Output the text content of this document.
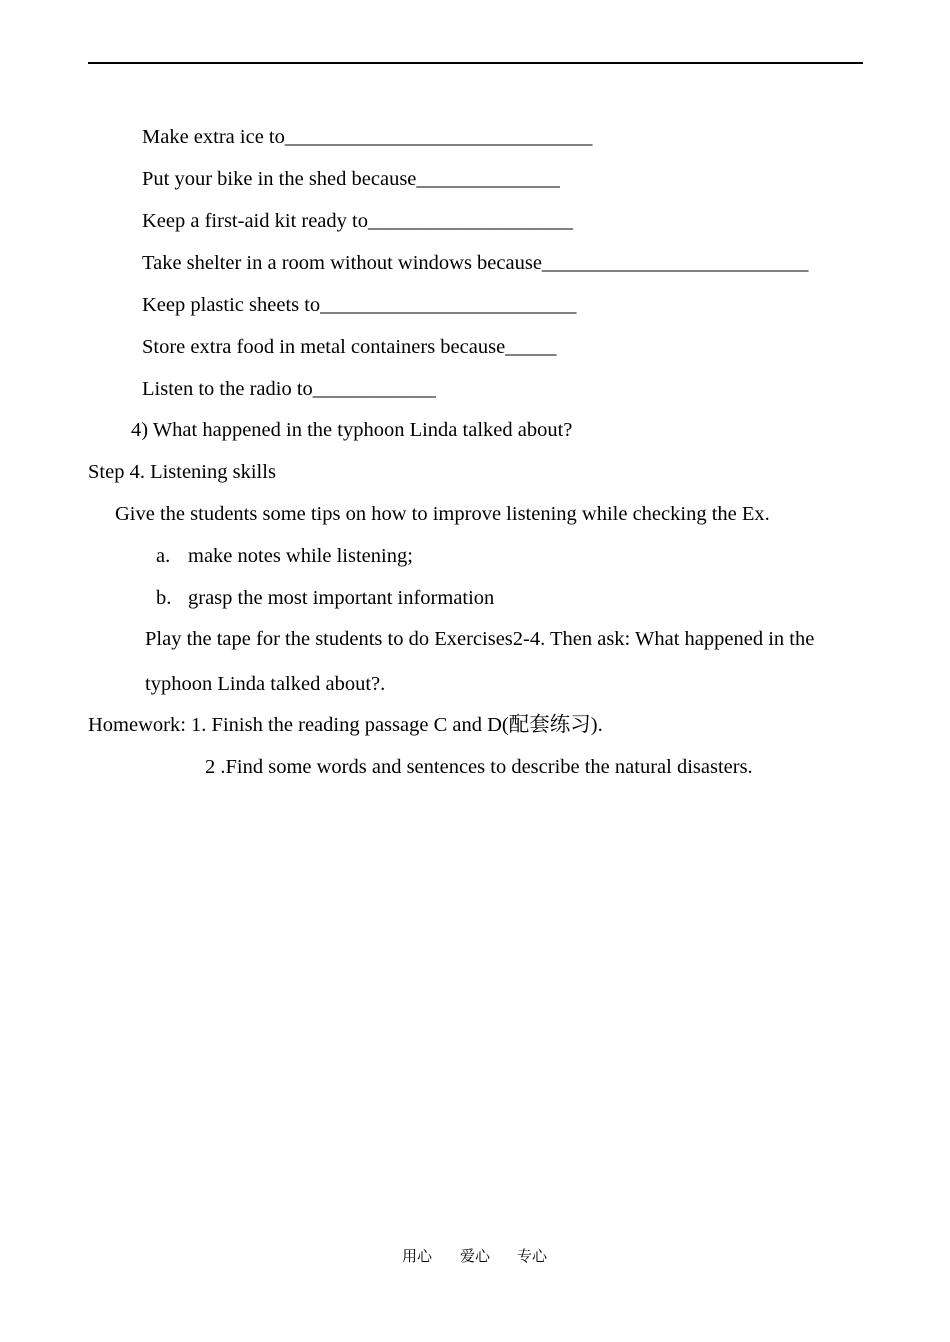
Make extra ice to______________________________
Put your bike in the shed because______________
Keep a first-aid kit ready to____________________
Take shelter in a room without windows because__________________________
Keep plastic sheets to_________________________
Store extra food in metal containers because_____
Listen to the radio to____________
4) What happened in the typhoon Linda talked about?
Step 4. Listening skills
Give the students some tips on how to improve listening while checking the Ex.
a. make notes while listening;
b. grasp the most important information
Play the tape for the students to do Exercises2-4. Then ask: What happened in the
typhoon Linda talked about?.
Homework: 1. Finish the reading passage C and D(配套练习).
2 .Find some words and sentences to describe the natural disasters.
用心 爱心 专心
